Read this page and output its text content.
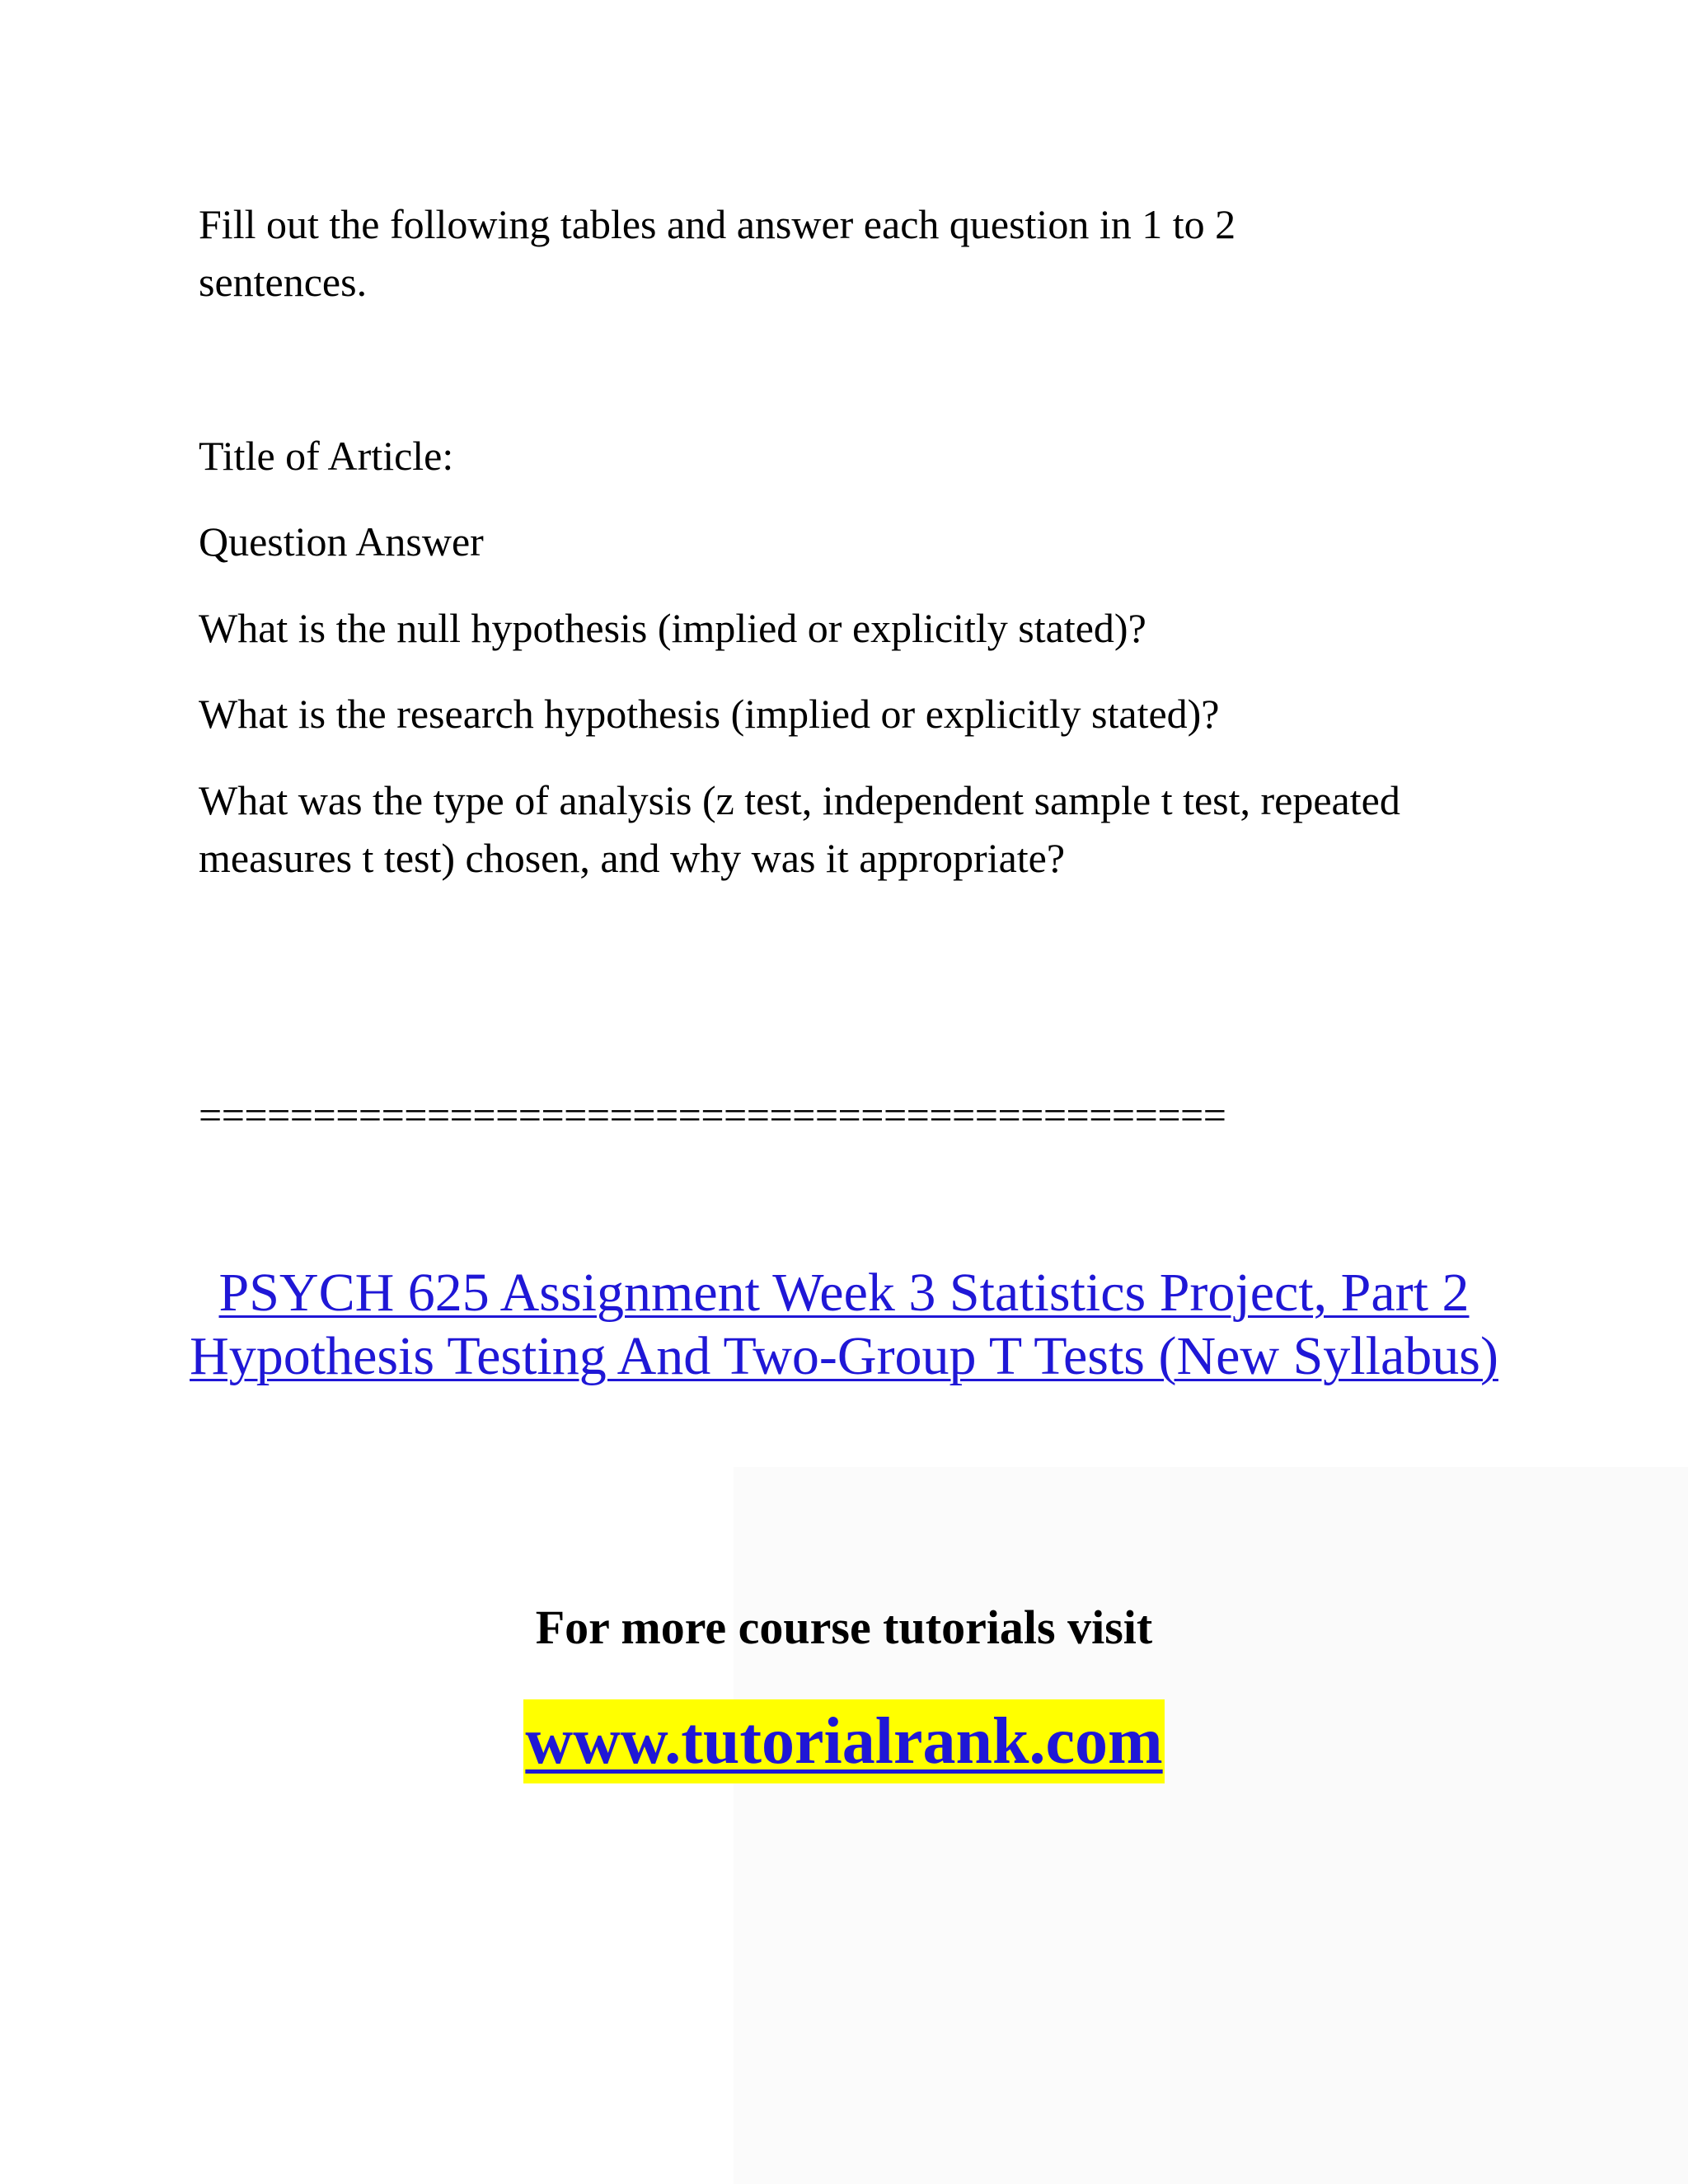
Fill out the following tables and answer each question in 1 to 2 sentences.

Title of Article:

Question Answer

What is the null hypothesis (implied or explicitly stated)?

What is the research hypothesis (implied or explicitly stated)?

What was the type of analysis (z test, independent sample t test, repeated measures t test) chosen, and why was it appropriate?

=============================================
PSYCH 625 Assignment Week 3 Statistics Project, Part 2 Hypothesis Testing And Two-Group T Tests (New Syllabus)
For more course tutorials visit
www.tutorialrank.com
